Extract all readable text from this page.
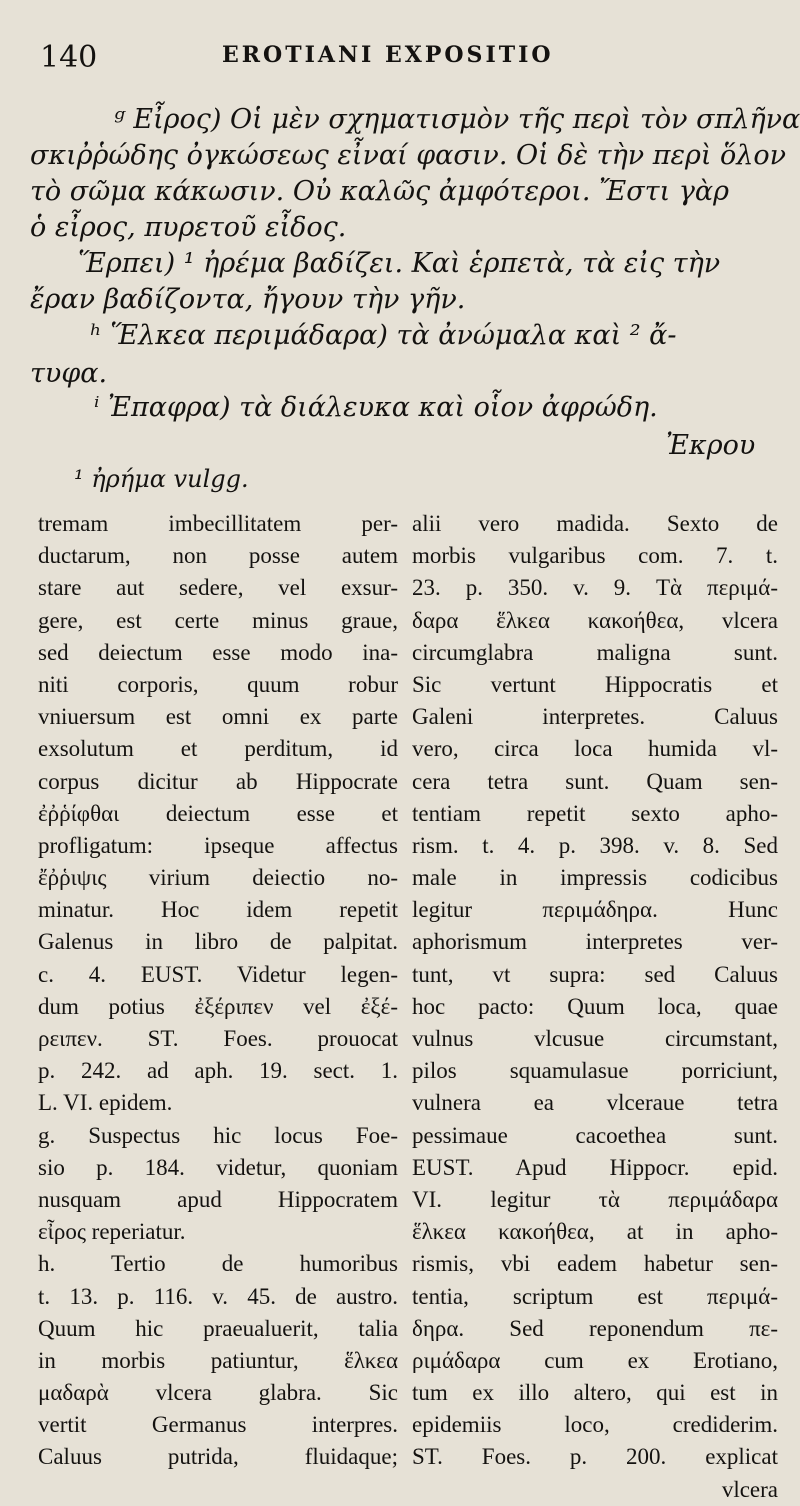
140	EROTIANI EXPOSITIO
ᵍ Εἶρος) Οἱ μὲν σχηματισμὸν τῆς περὶ τὸν σπλῆνα
σκιῤῥώδης ὀγκώσεως εἶναί φασιν. Οἱ δὲ τὴν περὶ ὅλον
τὸ σῶμα κάκωσιν. Οὐ καλῶς ἀμφότεροι. Ἔστι γὰρ
ὁ εἶρος, πυρετοῦ εἶδος.
Ἕρπει) ¹ ἠρέμα βαδίζει. Καὶ ἑρπετὰ, τὰ εἰς τὴν
ἔραν βαδίζοντα, ἤγουν τὴν γῆν.
ʰ Ἕλκεα περιμάδαρα) τὰ ἀνώμαλα καὶ ² ἄ-
τυφα.
ⁱ Ἐπαφρα) τὰ διάλευκα καὶ οἷον ἀφρώδη.
Ἐκρου
¹ ἠρήμα vulgg.
tremam imbecillitatem per-
ductarum, non posse autem
stare aut sedere, vel exsur-
gere, est certe minus graue,
sed deiectum esse modo ina-
niti corporis, quum robur
vniuersum est omni ex parte
exsolutum et perditum, id
corpus dicitur ab Hippocrate
ἐῤῥίφθαι deiectum esse et
profligatum: ipseque affectus
ἔῤῥιψις virium deiectio no-
minatur. Hoc idem repetit
Galenus in libro de palpitat.
c. 4. EUST. Videtur legen-
dum potius ἐξέριπεν vel ἐξέ-
ρειπεν. ST. Foes. prouocat
p. 242. ad aph. 19. sect. 1.
L. VI. epidem.
g. Suspectus hic locus Foe-
sio p. 184. videtur, quoniam
nusquam apud Hippocratem
εἶρος reperiatur.
h. Tertio de humoribus
t. 13. p. 116. v. 45. de austro.
Quum hic praeualuerit, talia
in morbis patiuntur, ἕλκεα
μαδαρὰ vlcera glabra. Sic
vertit Germanus interpres.
Caluus putrida, fluidaque;
alii vero madida. Sexto de
morbis vulgaribus com. 7. t.
23. p. 350. v. 9. Τὰ περιμά-
δαρα ἕλκεα κακοήθεα, vlcera
circumglabra maligna sunt.
Sic vertunt Hippocratis et
Galeni interpretes. Caluus
vero, circa loca humida vl-
cera tetra sunt. Quam sen-
tentiam repetit sexto apho-
rism. t. 4. p. 398. v. 8. Sed
male in impressis codicibus
legitur περιμάδηρα. Hunc
aphorismum interpretes ver-
tunt, vt supra: sed Caluus
hoc pacto: Quum loca, quae
vulnus vlcusue circumstant,
pilos squamulasue porriciunt,
vulnera ea vlceraue tetra
pessimaue cacoethea sunt.
EUST. Apud Hippocr. epid.
VI. legitur τὰ περιμάδαρα
ἕλκεα κακοήθεα, at in apho-
rismis, vbi eadem habetur sen-
tentia, scriptum est περιμά-
δηρα. Sed reponendum πε-
ριμάδαρα cum ex Erotiano,
tum ex illo altero, qui est in
epidemiis loco, crediderim.
ST. Foes. p. 200. explicat
vlcera
